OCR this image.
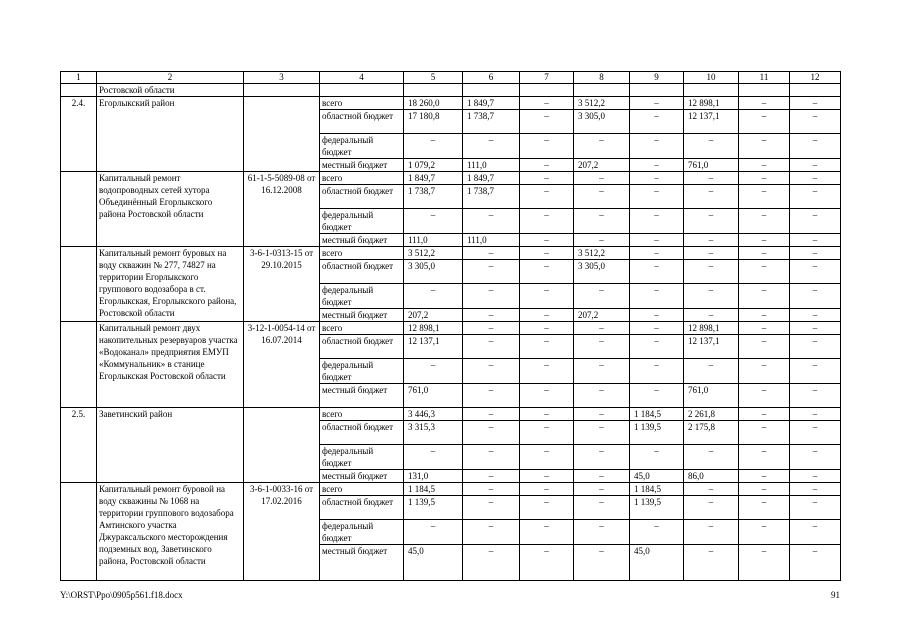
1	2	3	4	5	6	7	8	9	10	11	12
	Ростовской области										
2.4.	Егорлыкский район		всего	18 260,0	1 849,7	–	3 512,2	–	12 898,1	–	–
			областной бюджет	17 180,8	1 738,7	–	3 305,0	–	12 137,1	–	–
			федеральный бюджет	–	–	–	–	–	–	–	–
			местный бюджет	1 079,2	111,0	–	207,2	–	761,0	–	–
	Капитальный ремонт водопроводных сетей хутора Объединённый Егорлыкского района Ростовской области	61-1-5-5089-08 от 16.12.2008	всего	1 849,7	1 849,7	–	–	–	–	–	–
			областной бюджет	1 738,7	1 738,7	–	–	–	–	–	–
			федеральный бюджет	–	–	–	–	–	–	–	–
			местный бюджет	111,0	111,0	–	–	–	–	–	–
	Капитальный ремонт буровых на воду скважин № 277, 74827 на территории Егорлыкского группового водозабора в ст. Егорлыкская, Егорлыкского района, Ростовской области	3-6-1-0313-15 от 29.10.2015	всего	3 512,2	–	–	3 512,2	–	–	–	–
			областной бюджет	3 305,0	–	–	3 305,0	–	–	–	–
			федеральный бюджет	–	–	–	–	–	–	–	–
			местный бюджет	207,2	–	–	207,2	–	–	–	–
	Капитальный ремонт двух накопительных резервуаров участка «Водоканал» предприятия ЕМУП «Коммунальник» в станице Егорлыкская Ростовской области	3-12-1-0054-14 от 16.07.2014	всего	12 898,1	–	–	–	–	12 898,1	–	–
			областной бюджет	12 137,1	–	–	–	–	12 137,1	–	–
			федеральный бюджет	–	–	–	–	–	–	–	–
			местный бюджет	761,0	–	–	–	–	761,0	–	–
2.5.	Заветинский район		всего	3 446,3	–	–	–	1 184,5	2 261,8	–	–
			областной бюджет	3 315,3	–	–	–	1 139,5	2 175,8	–	–
			федеральный бюджет	–	–	–	–	–	–	–	–
			местный бюджет	131,0	–	–	–	45,0	86,0	–	–
	Капитальный ремонт буровой на воду скважины № 1068 на территории группового водозабора Амтинского участка Джураксальского месторождения подземных вод, Заветинского района, Ростовской области	3-6-1-0033-16 от 17.02.2016	всего	1 184,5	–	–	–	1 184,5	–	–	–
			областной бюджет	1 139,5	–	–	–	1 139,5	–	–	–
			федеральный бюджет	–	–	–	–	–	–	–	–
			местный бюджет	45,0	–	–	–	45,0	–	–	–
Y:\ORST\Ppo\0905p561.f18.docx	91
